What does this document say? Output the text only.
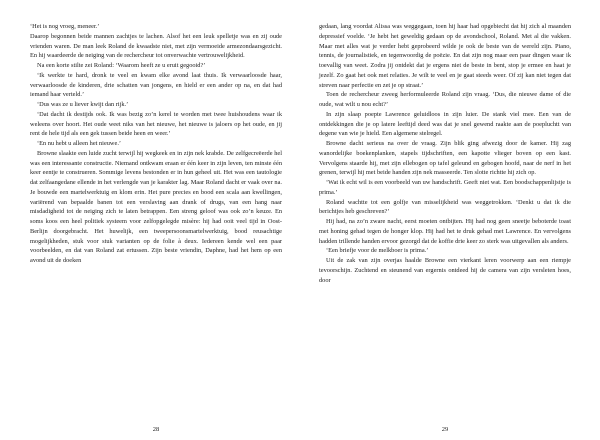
‘Het is nog vroeg, meneer.’

Daarop begonnen beide mannen zachtjes te lachen. Alsof het een leuk spelletje was en zij oude vrienden waren. De man leek Roland de kwaadste niet, met zijn vermoeide armezondaarsgezicht. En hij waardeerde de neiging van de rechercheur tot onverwachte vertrouwelijkheid.

Na een korte stilte zei Roland: ‘Waarom heeft ze u eruit gegooid?’

‘Ik werkte te hard, dronk te veel en kwam elke avond laat thuis. Ik verwaarloosde haar, verwaarloosde de kinderen, drie schatten van jongens, en hield er een ander op na, en dat had iemand haar verteld.’

‘Dus was ze u liever kwijt dan rijk.’

‘Dat dacht ik destijds ook. Ik was bezig zo’n kerel te worden met twee huishoudens waar ik weleens over hoort. Het oude weet niks van het nieuwe, het nieuwe is jaloers op het oude, en jij rent de hele tijd als een gek tussen beide heen en weer.’

‘En nu hebt u alleen het nieuwe.’

Browne slaakte een luide zucht terwijl hij wegkeek en in zijn nek krabde. De zelfgecreëerde hel was een interessante constructie. Niemand ontkwam eraan er één keer in zijn leven, ten minste één keer eentje te construeren. Sommige levens bestonden er in hun geheel uit. Het was een tautologie dat zelfaangedane ellende in het verlengde van je karakter lag. Maar Roland dacht er vaak over na. Je bouwde een martelwerktuig en klom erin. Het pure precies en bood een scala aan kwellingen, variërend van bepaalde banen tot een verslaving aan drank of drugs, van een hang naar misdadigheid tot de neiging zich te laten betrappen. Een streng geloof was ook zo’n keuze. En soms koos een heel politiek systeem voor zelfopgelegde misère: hij had ooit veel tijd in Oost-Berlijn doorgebracht. Het huwelijk, een tweepersoonsmartelwerktuig, bood reusachtige mogelijkheden, stuk voor stuk varianten op de folie à deux. Iedereen kende wel een paar voorbeelden, en dat van Roland zat ertussen. Zijn beste vriendin, Daphne, had het hem op een avond uit de doeken

28

gedaan, lang voordat Alissa was weggegaan, toen hij haar had opgebiecht dat hij zich al maanden depressief voelde. ‘Je hebt het geweldig gedaan op de avondschool, Roland. Met al die vakken. Maar met alles wat je verder hebt geprobeerd wilde je ook de beste van de wereld zijn. Piano, tennis, de journalistiek, en tegenwoordig de poëzie. En dat zijn nog maar een paar dingen waar ik toevallig van weet. Zodra jij ontdekt dat je ergens niet de beste in bent, stop je ermee en haat je jezelf. Zo gaat het ook met relaties. Je wilt te veel en je gaat steeds weer. Of zij kan niet tegen dat streven naar perfectie en zet je op straat.’

Toen de rechercheur zweeg herformuleerde Roland zijn vraag. ‘Dus, die nieuwe dame of die oude, wat wilt u nou echt?’

In zijn slaap poepte Lawrence geluidloos in zijn luier. De stank viel mee. Een van de ontdekkingen die je op latere leeftijd deed was dat je snel gewend raakte aan de poepluchtt van degene van wie je hield. Een algemene stelregel.

Browne dacht serieus na over de vraag. Zijn blik ging afwezig door de kamer. Hij zag wanordelijke boekenplanken, stapels tijdschriften, een kapotte vlieger boven op een kast. Vervolgens staarde hij, met zijn ellebogen op tafel geleund en gebogen hoofd, naar de nerf in het grenen, terwijl hij met beide handen zijn nek masseerde. Ten slotte richtte hij zich op.

‘Wat ik echt wil is een voorbeeld van uw handschrift. Geeft niet wat. Een boodschappenlijstje is prima.’

Roland wachtte tot een golfje van misselijkheid was weggetrokken. ‘Denkt u dat ik die berichtjes heb geschreven?’

Hij had, na zo’n zware nacht, eerst moeten ontbijten. Hij had nog geen sneetje beboterde toast met honing gehad tegen de honger klop. Hij had het te druk gehad met Lawrence. En vervolgens hadden trillende handen ervoor gezorgd dat de koffie drie keer zo sterk was uitgevallen als anders.

‘Een briefje voor de melkboer is prima.’

Uit de zak van zijn overjas haalde Browne een vierkant leren voorwerp aan een riempje tevoorschijn. Zuchtend en steunend van ergernis ontdeed hij de camera van zijn versleten hoes, door

29
